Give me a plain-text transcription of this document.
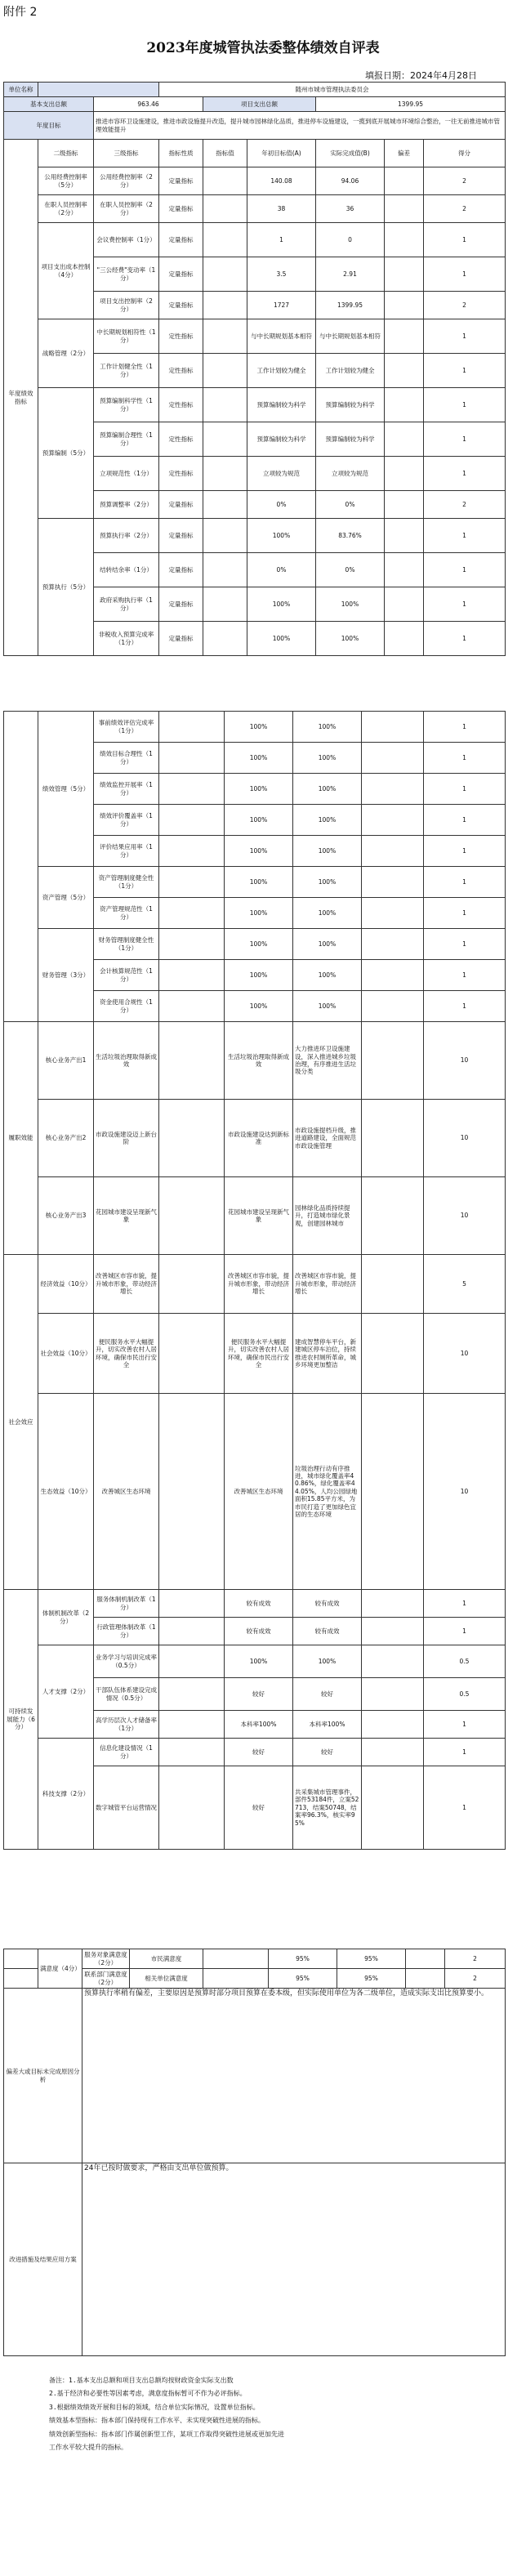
附件 2
2023年度城管执法委整体绩效自评表
填报日期：2024年4月28日
单位名称			随州市城市管理执法委员会					
基本支出总额		963.46		项目支出总额		1399.95		
年度目标		推进市容环卫设施建设，推进市政设施提升改造，提升城市园林绿化品质，推进停车设施建设，一揽到底开展城市环境综合整治，一往无前推进城市管理效能提升						
年度绩效指标	二级指标	三级指标	指标性质	指标值	年初目标值(A)	实际完成值(B)	偏差	得分
	公用经费控制率（5分）	公用经费控制率（2分）	定量指标		140.08	94.06		2
	在职人员控制率（2分）	在职人员控制率（2分）	定量指标		38	36		2
	项目支出成本控制（4分）	会议费控制率（1分）	定量指标		1	0		1
		"三公经费"变动率（1分）	定量指标		3.5	2.91		1
		项目支出控制率（2分）	定量指标		1727	1399.95		2
	战略管理（2分）	中长期规划相符性（1分）	定性指标		与中长期规划基本相符	与中长期规划基本相符		1
		工作计划健全性（1分）	定性指标		工作计划较为健全	工作计划较为健全		1
	预算编制（5分）	预算编制科学性（1分）	定性指标		预算编制较为科学	预算编制较为科学		1
		预算编制合理性（1分）	定性指标		预算编制较为科学	预算编制较为科学		1
		立项规范性（1分）	定性指标		立项较为规范	立项较为规范		1
		预算调整率（2分）	定量指标		0%	0%		2
	预算执行（5分）	预算执行率（2分）	定量指标		100%	83.76%		1
		结转结余率（1分）	定量指标		0%	0%		1
		政府采购执行率（1分）	定量指标		100%	100%		1
		非税收入预算完成率（1分）	定量指标		100%	100%		1
	绩效管理（5分）	事前绩效评估完成率（1分）		100%	100%		1
		绩效目标合理性（1分）		100%	100%		1
		绩效监控开展率（1分）		100%	100%		1
		绩效评价覆盖率（1分）		100%	100%		1
		评价结果应用率（1分）		100%	100%		1
	资产管理（5分）	资产管理制度健全性（1分）		100%	100%		1
		资产管理规范性（1分）		100%	100%		1
	财务管理（3分）	财务管理制度健全性（1分）		100%	100%		1
		会计核算规范性（1分）		100%	100%		1
		资金使用合规性（1分）		100%	100%		1
履职效能	核心业务产出1	生活垃圾治理取得新成效		生活垃圾治理取得新成效	大力推进环卫设施建设，深入推进城乡垃圾治理，有序推进生活垃圾分类		10
	核心业务产出2	市政设施建设迈上新台阶		市政设施建设达到新标准	市政设施提档升级，推进道路建设，全面规范市政设施管理		10
	核心业务产出3	花园城市建设呈现新气象		花园城市建设呈现新气象	园林绿化品质持续提升，打造城市绿化景观，创建园林城市		10
社会效应	经济效益（10分）	改善城区市容市貌，提升城市形象，带动经济增长		改善城区市容市貌，提升城市形象，带动经济增长	改善城区市容市貌，提升城市形象，带动经济增长		5
	社会效益（10分）	便民服务水平大幅提升，切实改善农村人居环境，确保市民出行安全		便民服务水平大幅提升，切实改善农村人居环境，确保市民出行安全	建成智慧停车平台，新建城区停车泊位，持续推进农村厕所革命，城乡环境更加整洁		10
	生态效益（10分）	改善城区生态环境		改善城区生态环境	垃圾治理行动有序推进，城市绿化覆盖率40.86%，绿化覆盖率44.05%，人均公园绿地面积15.85平方米，为市民打造了更加绿色宜居的生态环境		10
可持续发展能力（6分）	体制机制改革（2分）	服务体制机制改革（1分）		较有成效	较有成效		1
		行政管理体制改革（1分）		较有成效	较有成效		1
	人才支撑（2分）	业务学习与培训完成率（0.5分）		100%	100%		0.5
		干部队伍体系建设完成情况（0.5分）		较好	较好		0.5
		高学历层次人才储备率（1分）		本科率100%	本科率100%		1
	科技支撑（2分）	信息化建设情况（1分）		较好	较好		1
		数字城管平台运营情况		较好	共采集城市管理事件，部件53184件，立案52713，结案50748，结案率96.3%，核实率95%		1
	满意度（4分）	服务对象满意度（2分）	市民满意度		95%	95%		2
		联系部门满意度（2分）	相关单位满意度		95%	95%		2
偏差大或目标未完成原因分析		预算执行率稍有偏差，主要原因是预算时部分项目预算在委本级，但实际使用单位为各二级单位，造成实际支出比预算要小。						
改进措施及结果应用方案		24年已按时做要求，严格由支出单位做预算。						
备注：1.基本支出总额和项目支出总额均按财政资金实际支出数
2.基于经济和必要性等因素考虑，满意度指标暂可不作为必评指标。
3.根据绩效绩效开展和目标的领域，结合单位实际情况，设置单位指标。
绩效基本型指标：指本部门保持现有工作水平、未实现突破性进展的指标。
绩效创新型指标：指本部门作属创新型工作，某项工作取得突破性进展或更加先进
工作水平较大提升的指标。
